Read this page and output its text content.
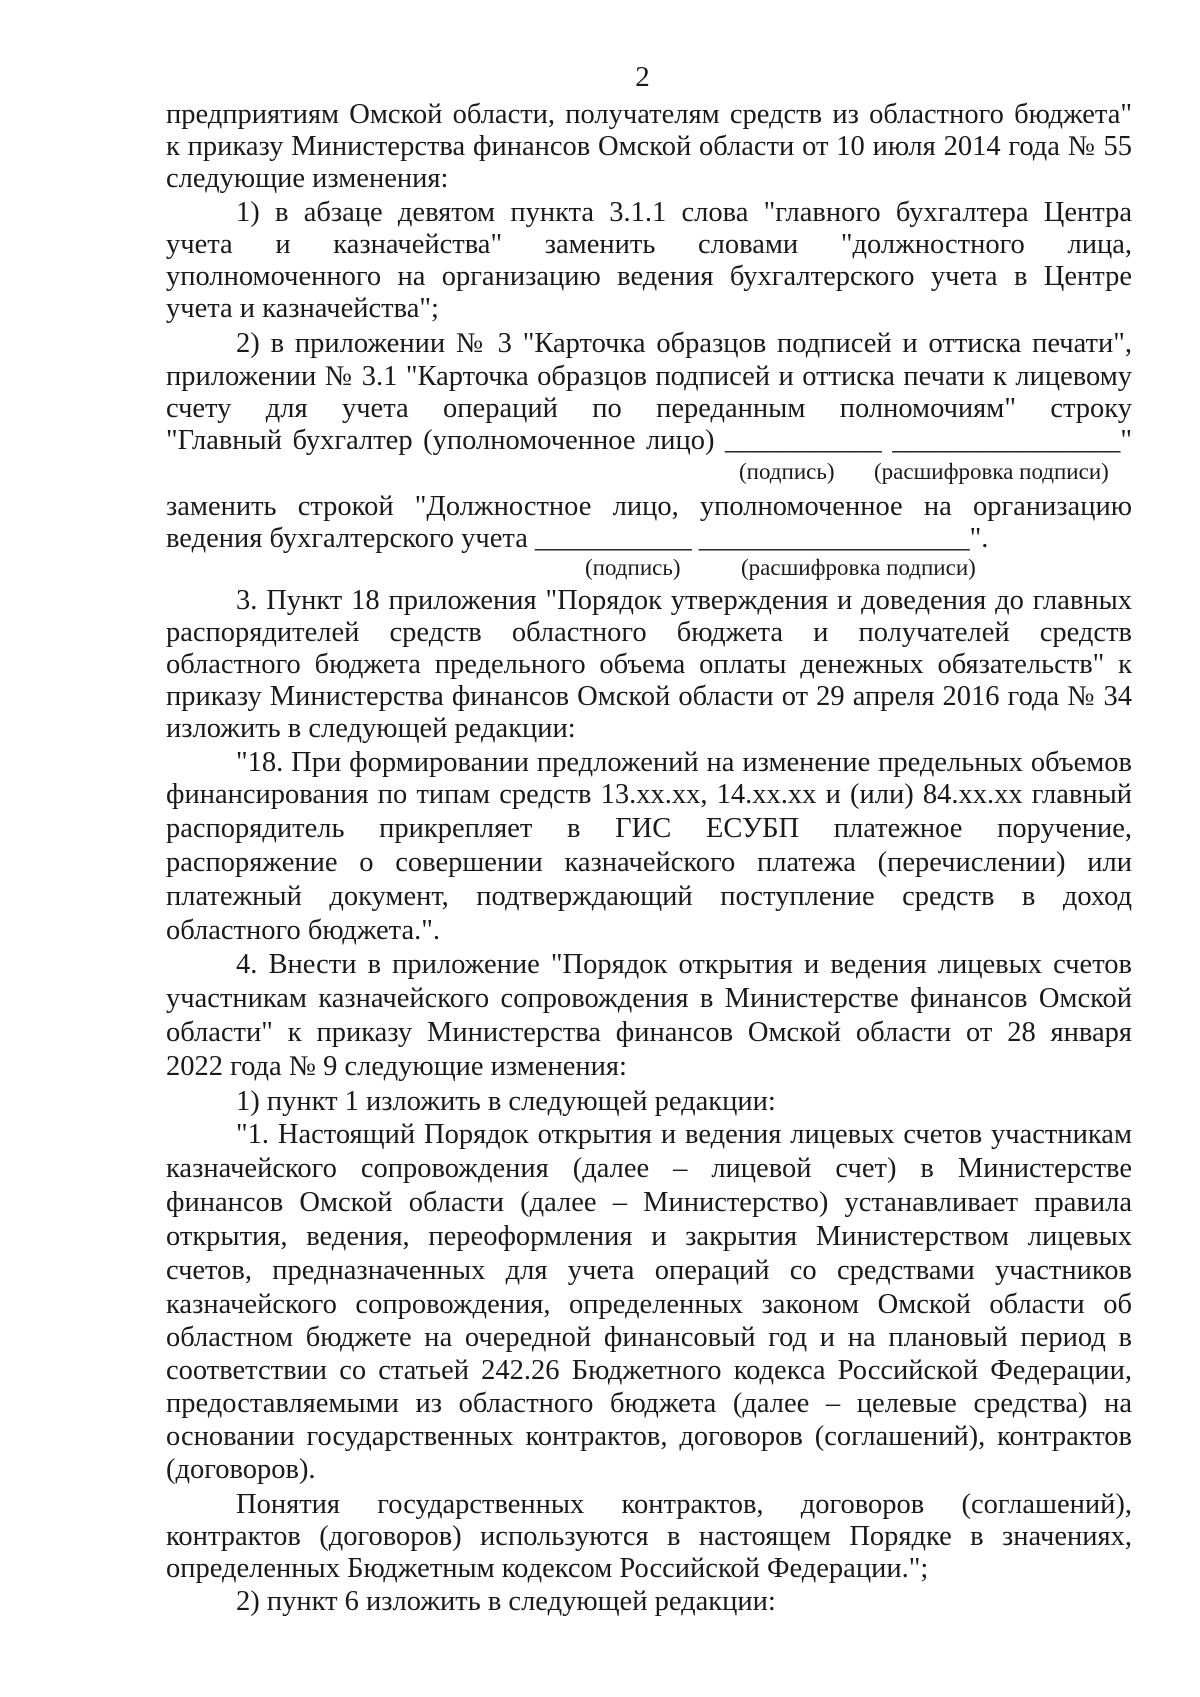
2
предприятиям Омской области, получателям средств из областного бюджета"
к приказу Министерства финансов Омской области от 10 июля 2014 года № 55
следующие изменения:
1) в абзаце девятом пункта 3.1.1 слова "главного бухгалтера Центра
учета и казначейства" заменить словами "должностного лица,
уполномоченного на организацию ведения бухгалтерского учета в Центре
учета и казначейства";
2) в приложении № 3 "Карточка образцов подписей и оттиска печати",
приложении № 3.1 "Карточка образцов подписей и оттиска печати к лицевому
счету для учета операций по переданным полномочиям" строку
"Главный бухгалтер (уполномоченное лицо) ___________ ________________"
(подпись) (расшифровка подписи)
заменить строкой "Должностное лицо, уполномоченное на организацию
ведения бухгалтерского учета ___________ ___________________".
(подпись)	(расшифровка подписи)
3. Пункт 18 приложения "Порядок утверждения и доведения до главных
распорядителей средств областного бюджета и получателей средств
областного бюджета предельного объема оплаты денежных обязательств" к
приказу Министерства финансов Омской области от 29 апреля 2016 года № 34
изложить в следующей редакции:
"18. При формировании предложений на изменение предельных объемов
финансирования по типам средств 13.xx.xx, 14.xx.xx и (или) 84.xx.xx главный
распорядитель прикрепляет в ГИС ЕСУБП платежное поручение,
распоряжение о совершении казначейского платежа (перечислении) или
платежный документ, подтверждающий поступление средств в доход
областного бюджета.".
4. Внести в приложение "Порядок открытия и ведения лицевых счетов
участникам казначейского сопровождения в Министерстве финансов Омской
области" к приказу Министерства финансов Омской области от 28 января
2022 года № 9 следующие изменения:
1) пункт 1 изложить в следующей редакции:
"1. Настоящий Порядок открытия и ведения лицевых счетов участникам
казначейского сопровождения (далее – лицевой счет) в Министерстве
финансов Омской области (далее – Министерство) устанавливает правила
открытия, ведения, переоформления и закрытия Министерством лицевых
счетов, предназначенных для учета операций со средствами участников
казначейского сопровождения, определенных законом Омской области об
областном бюджете на очередной финансовый год и на плановый период в
соответствии со статьей 242.26 Бюджетного кодекса Российской Федерации,
предоставляемыми из областного бюджета (далее – целевые средства) на
основании государственных контрактов, договоров (соглашений), контрактов
(договоров).
Понятия государственных контрактов, договоров (соглашений),
контрактов (договоров) используются в настоящем Порядке в значениях,
определенных Бюджетным кодексом Российской Федерации.";
2) пункт 6 изложить в следующей редакции:
